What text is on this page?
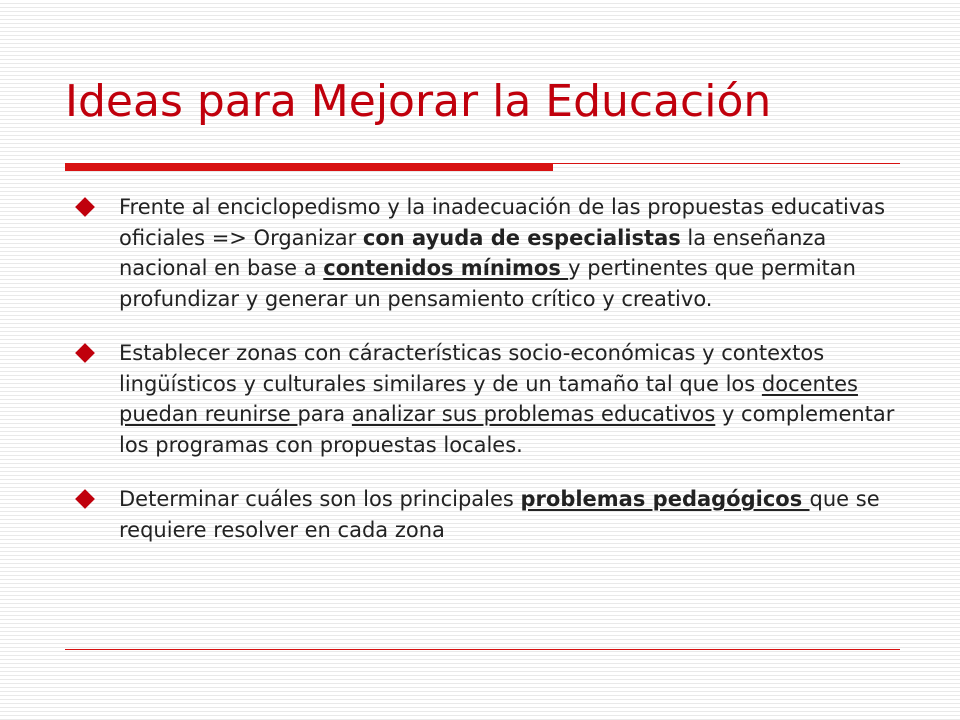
Ideas para Mejorar la Educación
Frente al enciclopedismo y la inadecuación de las propuestas educativas oficiales => Organizar con ayuda de especialistas la enseñanza nacional en base a contenidos mínimos y pertinentes que permitan profundizar y generar un pensamiento crítico y creativo.
Establecer zonas con cáracterísticas socio-económicas y contextos lingüísticos y culturales similares y de un tamaño tal que los docentes puedan reunirse para analizar sus problemas educativos y complementar los programas con propuestas locales.
Determinar cuáles son los principales problemas pedagógicos que se requiere resolver en cada zona
